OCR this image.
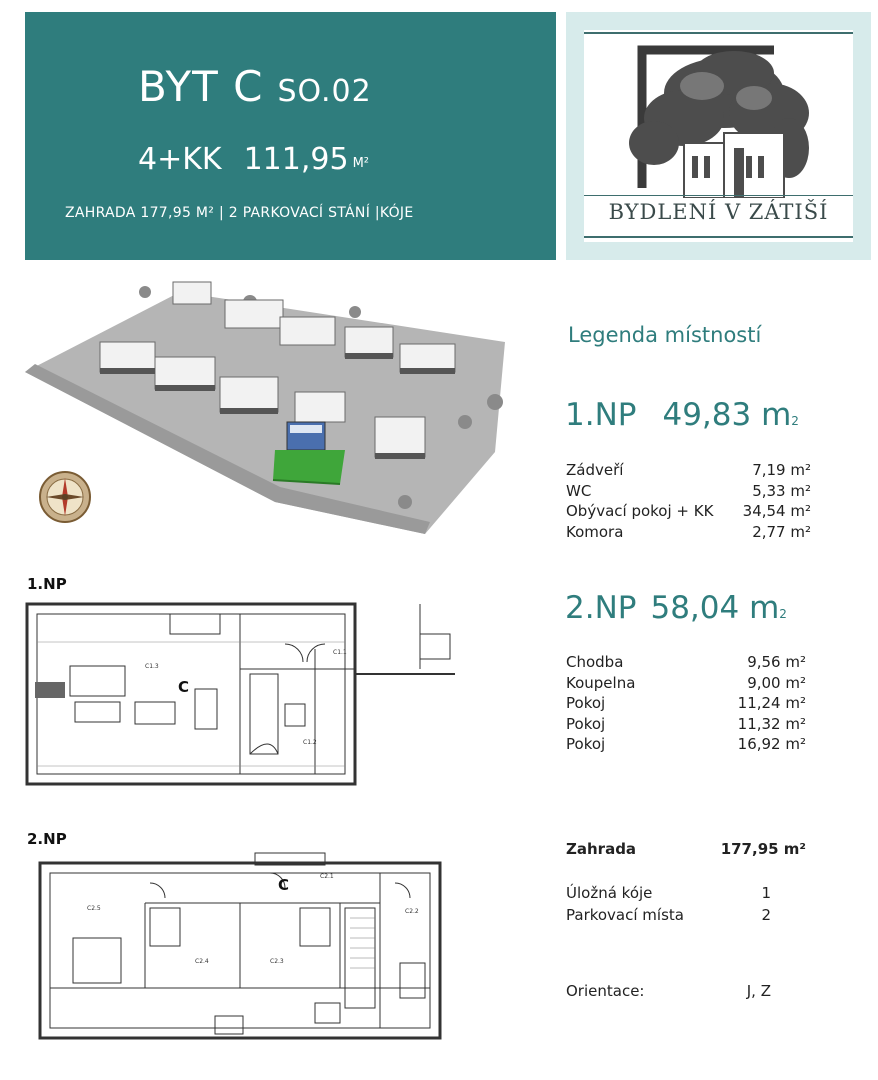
BYT C SO.02
4+KK 111,95 M²
ZAHRADA 177,95 M² | 2 PARKOVACÍ STÁNÍ |KÓJE	BYDLENÍ V ZÁTIŠÍ
Legenda místností
1.NP 49,83 m2
Zádveří	7,19 m²
WC	5,33 m²
Obývací pokoj + KK 34,54 m²
Komora	2,77 m²
2.NP 58,04 m2
Chodba	9,56 m²
Koupelna	9,00 m²
Pokoj	11,24 m²
Pokoj	11,32 m²
Pokoj	16,92 m²
Zahrada	177,95 m²
Úložná kóje	1
Parkovací místa	2
Orientace:	J, Z
1.NP
C1.3
C1.1
C1.2
C
2.NP
C2.5
C2.4	C2.3
C2.1
C2.2
C
